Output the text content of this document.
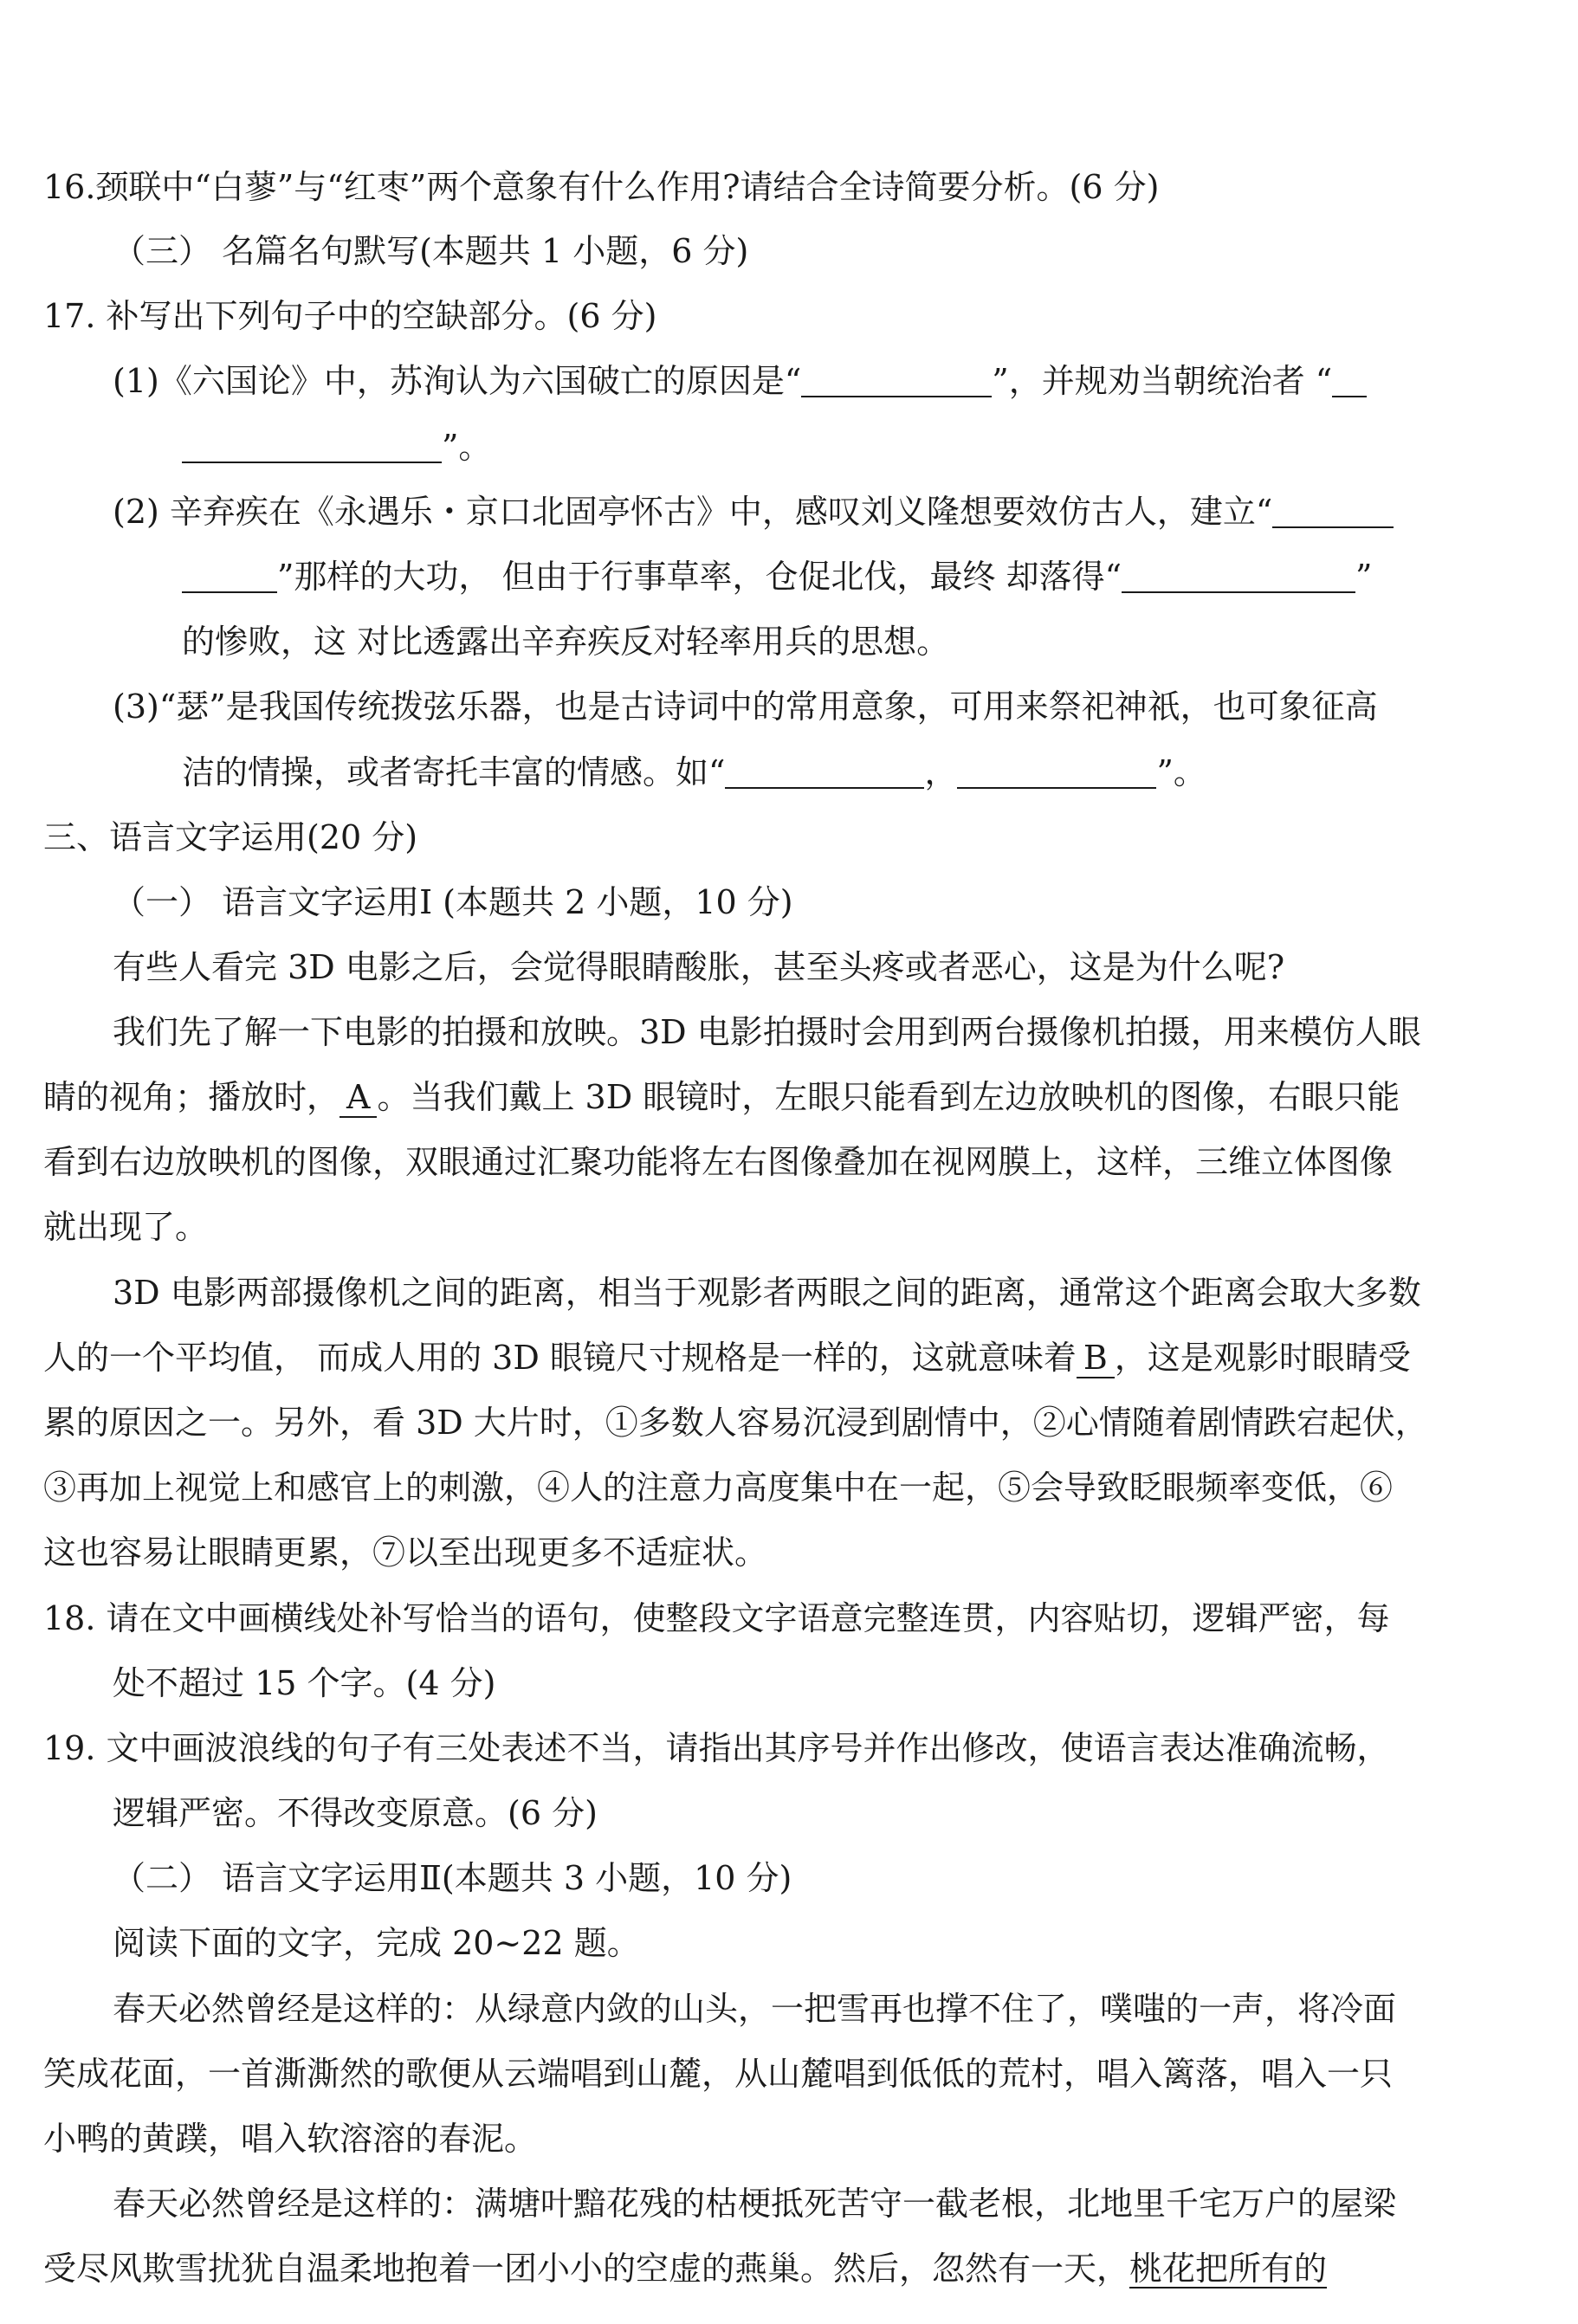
16.颈联中“白蓼”与“红枣”两个意象有什么作用?请结合全诗简要分析。(6 分)
（三） 名篇名句默写(本题共 1 小题，6 分)
17. 补写出下列句子中的空缺部分。(6 分)
(1)《六国论》中，苏洵认为六国破亡的原因是“	”，并规劝当朝统治者 “
”。
(2) 辛弃疾在《永遇乐・京口北固亭怀古》中，感叹刘义隆想要效仿古人，建立“
”那样的大功， 但由于行事草率，仓促北伐，最终 却落得“	”
的惨败，这 对比透露出辛弃疾反对轻率用兵的思想。
(3)“瑟”是我国传统拨弦乐器，也是古诗词中的常用意象，可用来祭祀神祇，也可象征高
洁的情操，或者寄托丰富的情感。如“	，	”。
三、语言文字运用(20 分)
（一） 语言文字运用Ⅰ (本题共 2 小题，10 分)
有些人看完 3D 电影之后，会觉得眼睛酸胀，甚至头疼或者恶心，这是为什么呢?
我们先了解一下电影的拍摄和放映。3D 电影拍摄时会用到两台摄像机拍摄，用来模仿人眼
睛的视角；播放时， A 。当我们戴上 3D 眼镜时，左眼只能看到左边放映机的图像，右眼只能
看到右边放映机的图像，双眼通过汇聚功能将左右图像叠加在视网膜上，这样，三维立体图像
就出现了。
3D 电影两部摄像机之间的距离，相当于观影者两眼之间的距离，通常这个距离会取大多数
人的一个平均值， 而成人用的 3D 眼镜尺寸规格是一样的，这就意味着 B ，这是观影时眼睛受
累的原因之一。另外，看 3D 大片时，①多数人容易沉浸到剧情中，②心情随着剧情跌宕起伏，
③再加上视觉上和感官上的刺激，④人的注意力高度集中在一起，⑤会导致眨眼频率变低，⑥
这也容易让眼睛更累，⑦以至出现更多不适症状。
18. 请在文中画横线处补写恰当的语句，使整段文字语意完整连贯，内容贴切，逻辑严密，每
处不超过 15 个字。(4 分)
19. 文中画波浪线的句子有三处表述不当，请指出其序号并作出修改，使语言表达准确流畅，
逻辑严密。不得改变原意。(6 分)
（二） 语言文字运用Ⅱ(本题共 3 小题，10 分)
阅读下面的文字，完成 20~22 题。
春天必然曾经是这样的：从绿意内敛的山头，一把雪再也撑不住了，噗嗤的一声，将冷面
笑成花面，一首澌澌然的歌便从云端唱到山麓，从山麓唱到低低的荒村，唱入篱落，唱入一只
小鸭的黄蹼，唱入软溶溶的春泥。
春天必然曾经是这样的：满塘叶黯花残的枯梗抵死苦守一截老根，北地里千宅万户的屋梁
受尽风欺雪扰犹自温柔地抱着一团小小的空虚的燕巢。然后，忽然有一天，桃花把所有的
